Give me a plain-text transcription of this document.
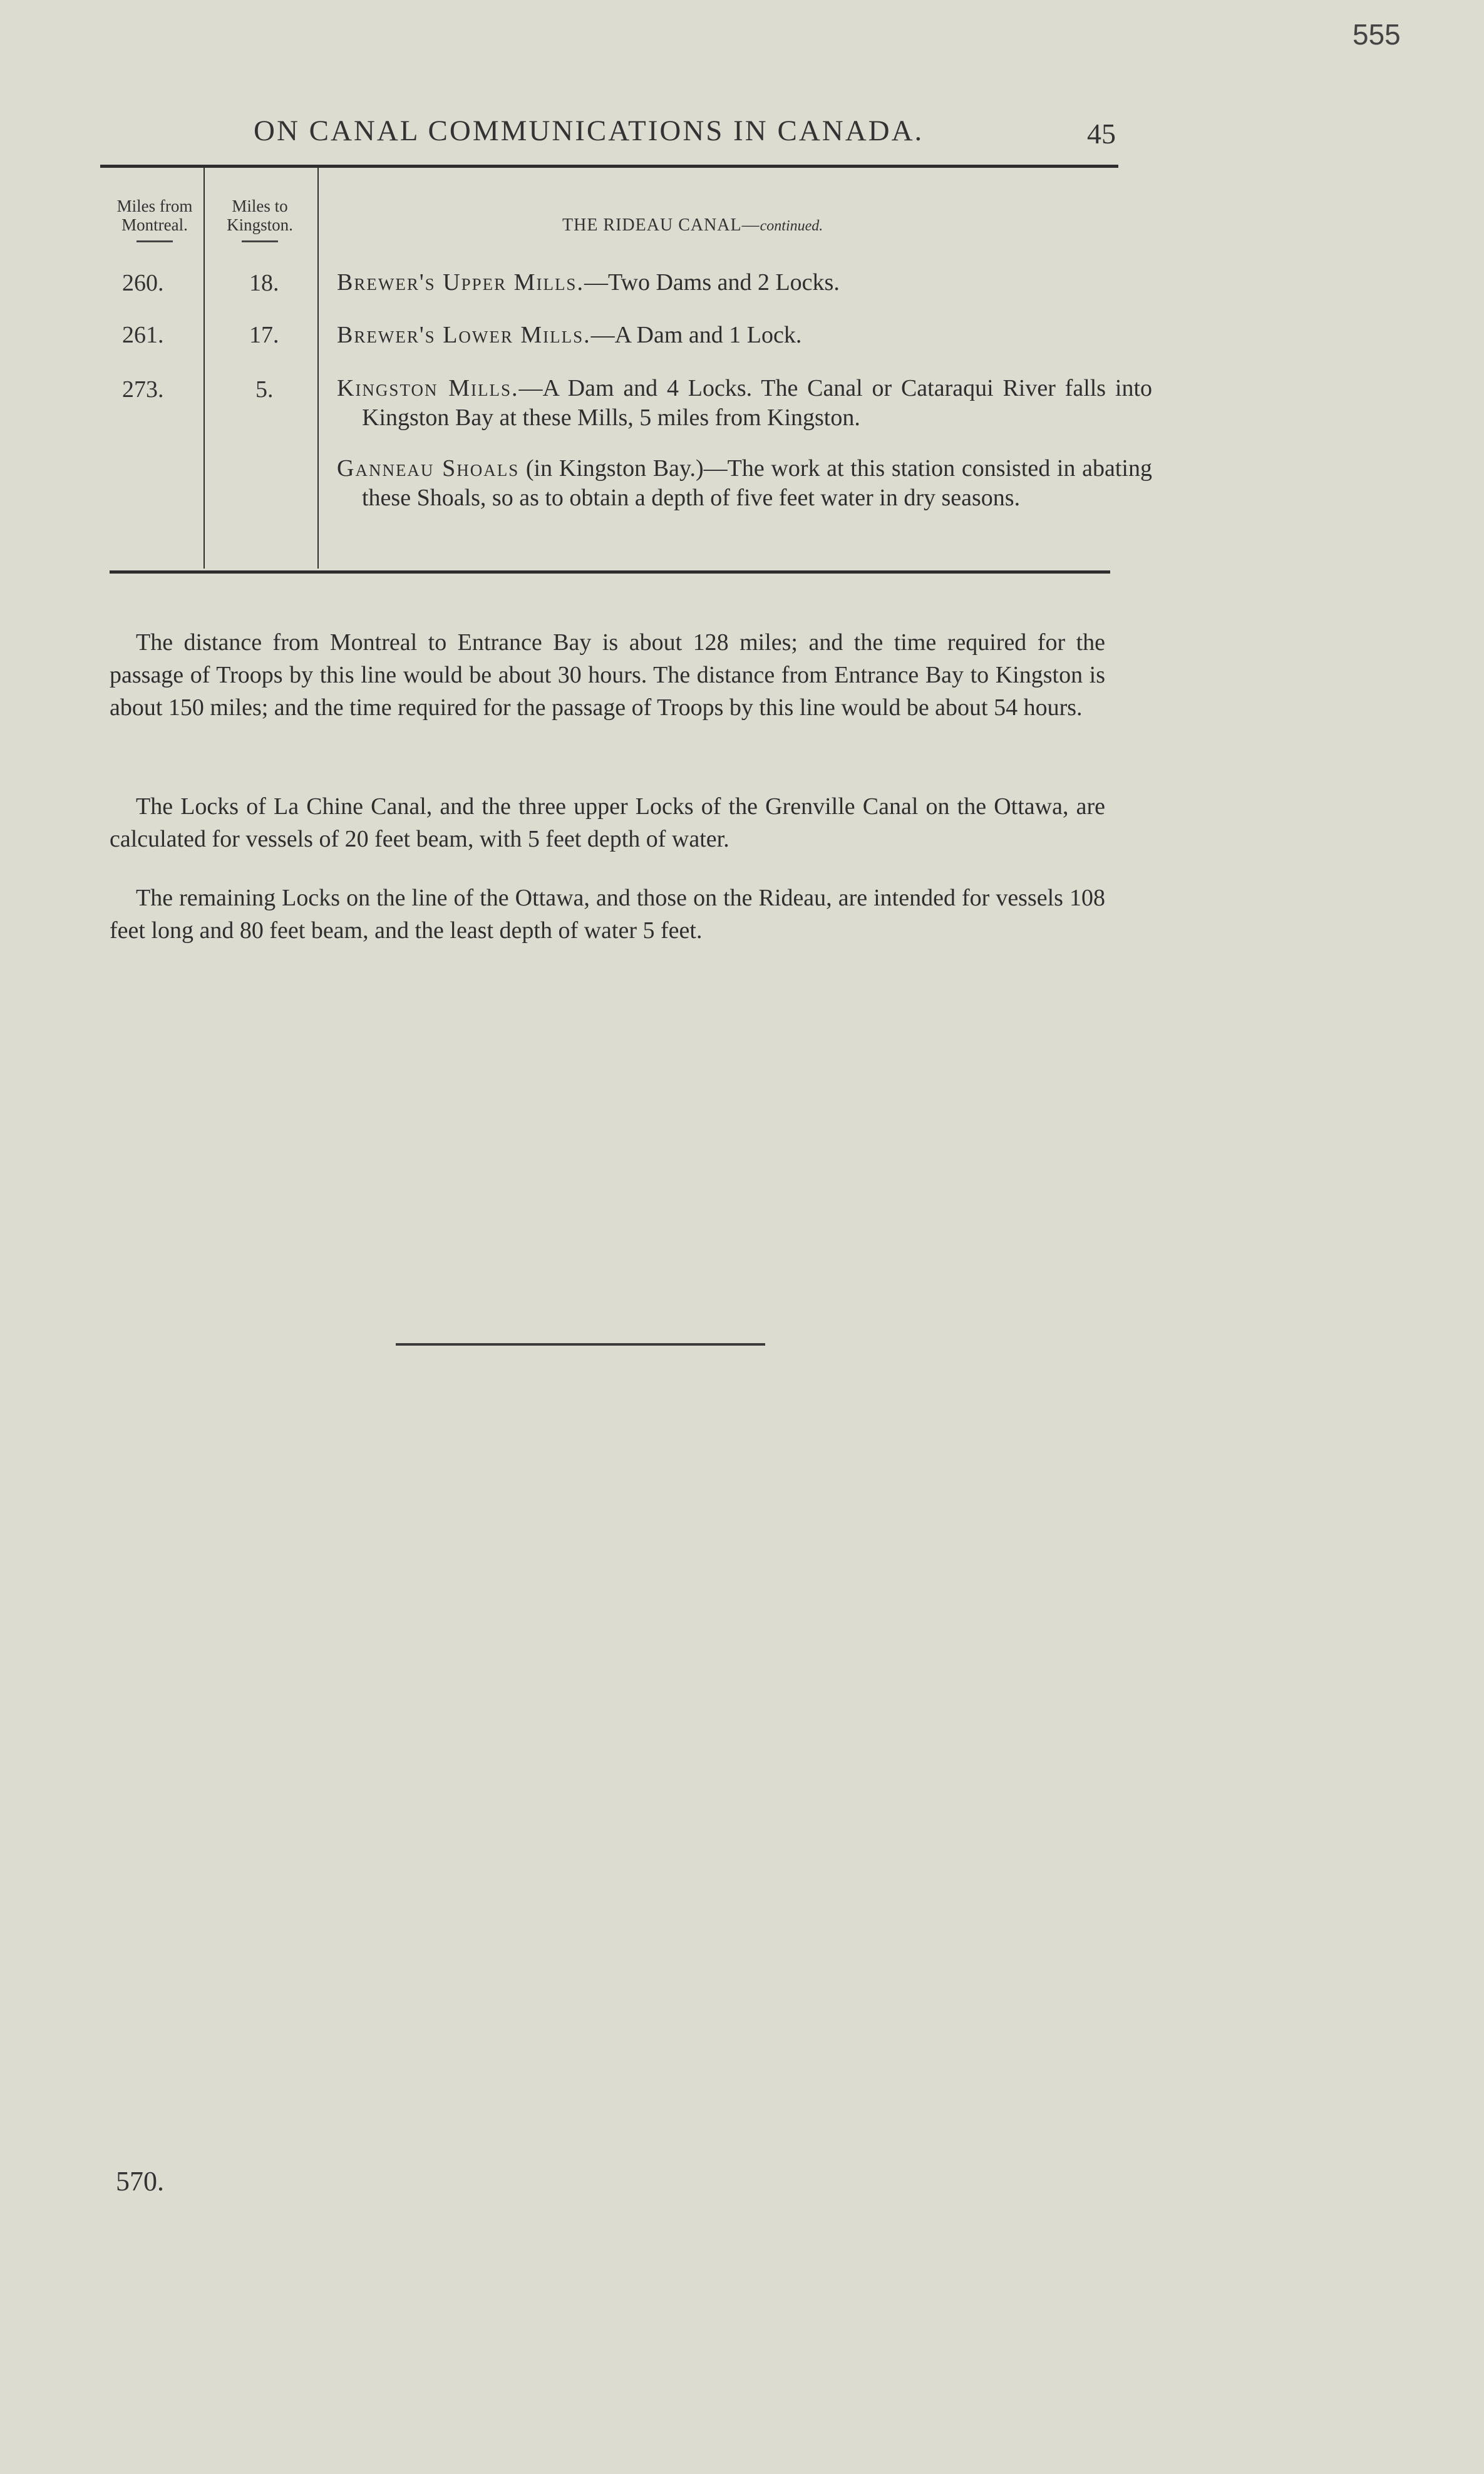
555
ON CANAL COMMUNICATIONS IN CANADA.	45
Miles from
Montreal.
Miles to
Kingston.	THE RIDEAU CANAL—continued.
260.	18. Brewer's Upper Mills.—Two Dams and 2 Locks.
261.	17. Brewer's Lower Mills.—A Dam and 1 Lock.
273.	5.	Kingston Mills.—A Dam and 4 Locks. The Canal or Cataraqui River falls into Kingston Bay at these Mills, 5 miles from Kingston.
Ganneau Shoals (in Kingston Bay.)—The work at this station consisted in abating these Shoals, so as to obtain a depth of five feet water in dry seasons.

The distance from Montreal to Entrance Bay is about 128 miles; and the time required for the passage of Troops by this line would be about 30 hours. The distance from Entrance Bay to Kingston is about 150 miles; and the time required for the passage of Troops by this line would be about 54 hours.

The Locks of La Chine Canal, and the three upper Locks of the Grenville Canal on the Ottawa, are calculated for vessels of 20 feet beam, with 5 feet depth of water.

The remaining Locks on the line of the Ottawa, and those on the Rideau, are intended for vessels 108 feet long and 80 feet beam, and the least depth of water 5 feet.

570.
